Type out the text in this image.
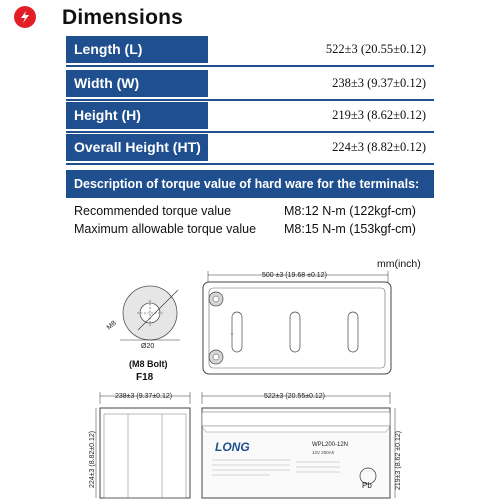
Dimensions
Length (L)	522±3 (20.55±0.12)
Width (W)	238±3 (9.37±0.12)
Height (H)	219±3 (8.62±0.12)
Overall Height (HT)	224±3 (8.82±0.12)
Description of torque value of hard ware for the terminals:
Recommended torque value	M8:12 N-m (122kgf-cm)
Maximum allowable torque value M8:15 N-m (153kgf-cm)
mm(inch)
M8
Ø20
(M8 Bolt)
F18
500 ±3 (19.68 ±0.12)
238±3 (9.37±0.12)
224±3 (8.82±0.12)
522±3 (20.55±0.12)
LONG	WPL200-12N
12V 200Ah
Pb	219±3 (8.62 ±0.12)
